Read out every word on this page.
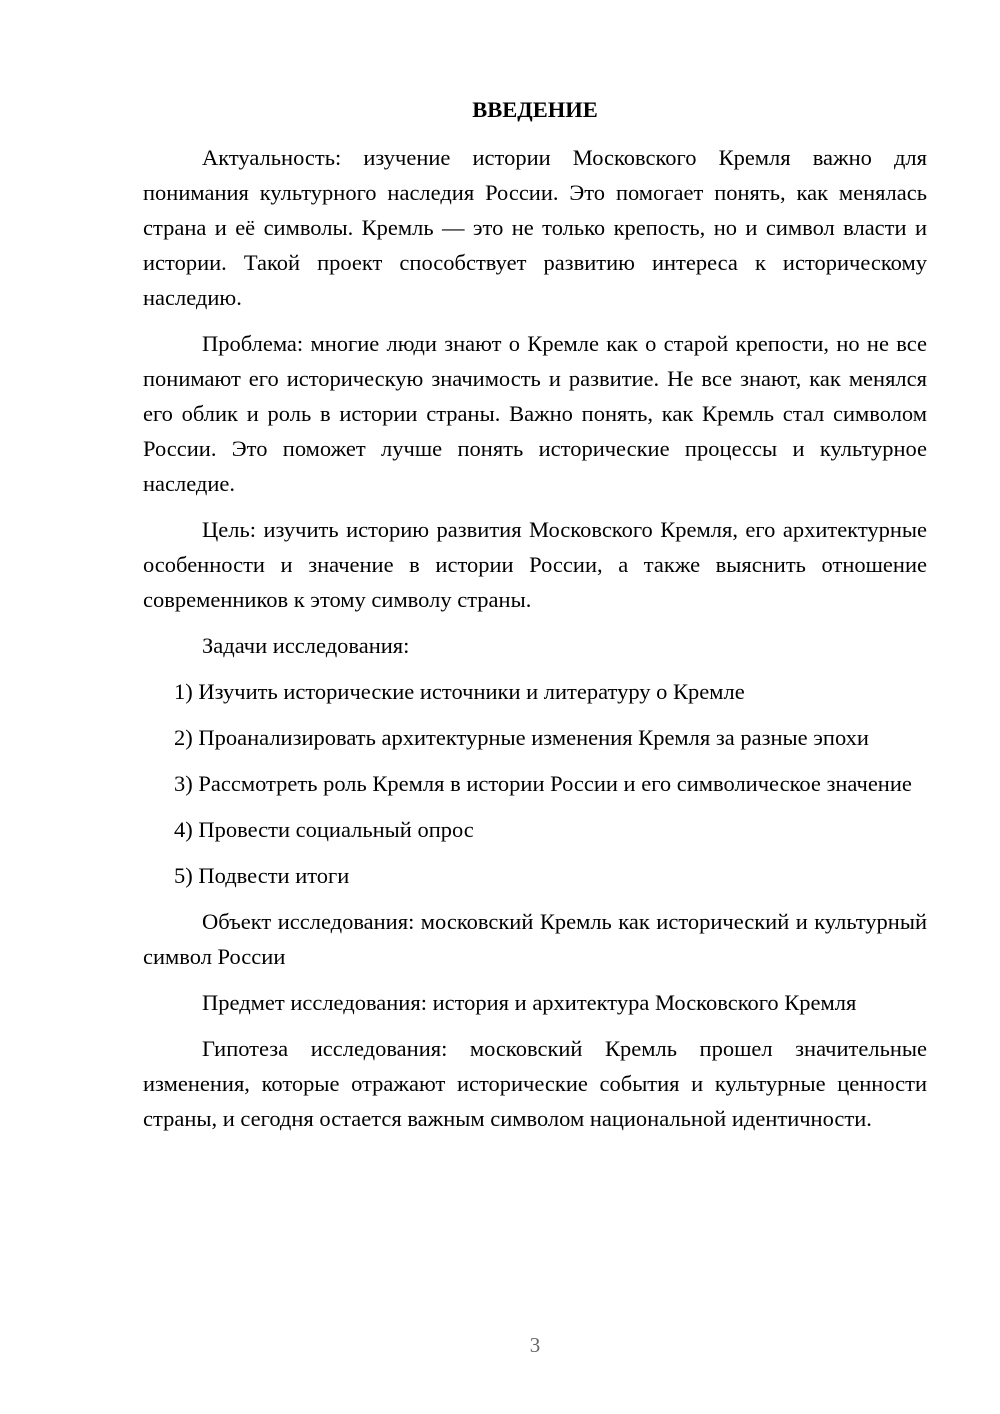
ВВЕДЕНИЕ

Актуальность: изучение истории Московского Кремля важно для понимания культурного наследия России. Это помогает понять, как менялась страна и её символы. Кремль — это не только крепость, но и символ власти и истории. Такой проект способствует развитию интереса к историческому наследию.

Проблема: многие люди знают о Кремле как о старой крепости, но не все понимают его историческую значимость и развитие. Не все знают, как менялся его облик и роль в истории страны. Важно понять, как Кремль стал символом России. Это поможет лучше понять исторические процессы и культурное наследие.

Цель: изучить историю развития Московского Кремля, его архитектурные особенности и значение в истории России, а также выяснить отношение современников к этому символу страны.

Задачи исследования:

1) Изучить исторические источники и литературу о Кремле

2) Проанализировать архитектурные изменения Кремля за разные эпохи

3) Рассмотреть роль Кремля в истории России и его символическое значение

4) Провести социальный опрос

5) Подвести итоги

Объект исследования: московский Кремль как исторический и культурный символ России

Предмет исследования: история и архитектура Московского Кремля

Гипотеза исследования: московский Кремль прошел значительные изменения, которые отражают исторические события и культурные ценности страны, и сегодня остается важным символом национальной идентичности.

3
